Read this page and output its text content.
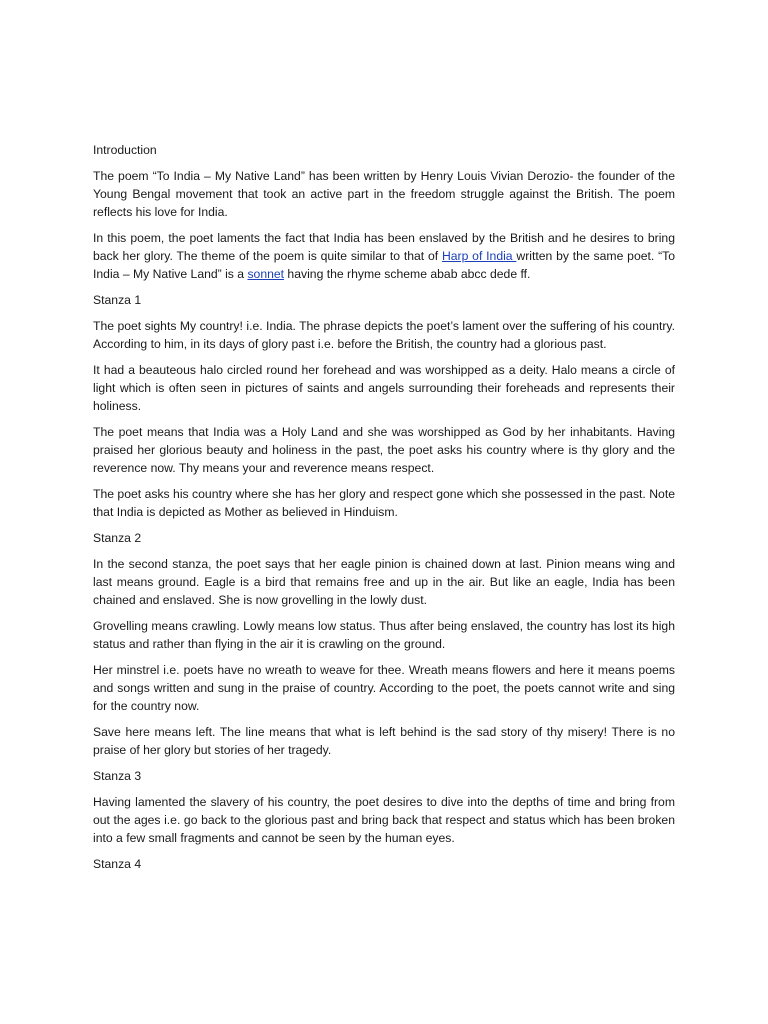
Introduction

The poem “To India – My Native Land” has been written by Henry Louis Vivian Derozio- the founder of the Young Bengal movement that took an active part in the freedom struggle against the British. The poem reflects his love for India.

In this poem, the poet laments the fact that India has been enslaved by the British and he desires to bring back her glory. The theme of the poem is quite similar to that of Harp of India written by the same poet. “To India – My Native Land” is a sonnet having the rhyme scheme abab abcc dede ff.

Stanza 1

The poet sights My country! i.e. India. The phrase depicts the poet’s lament over the suffering of his country. According to him, in its days of glory past i.e. before the British, the country had a glorious past.

It had a beauteous halo circled round her forehead and was worshipped as a deity. Halo means a circle of light which is often seen in pictures of saints and angels surrounding their foreheads and represents their holiness.

The poet means that India was a Holy Land and she was worshipped as God by her inhabitants. Having praised her glorious beauty and holiness in the past, the poet asks his country where is thy glory and the reverence now. Thy means your and reverence means respect.

The poet asks his country where she has her glory and respect gone which she possessed in the past. Note that India is depicted as Mother as believed in Hinduism.

Stanza 2

In the second stanza, the poet says that her eagle pinion is chained down at last. Pinion means wing and last means ground. Eagle is a bird that remains free and up in the air. But like an eagle, India has been chained and enslaved. She is now grovelling in the lowly dust.

Grovelling means crawling. Lowly means low status. Thus after being enslaved, the country has lost its high status and rather than flying in the air it is crawling on the ground.

Her minstrel i.e. poets have no wreath to weave for thee. Wreath means flowers and here it means poems and songs written and sung in the praise of country. According to the poet, the poets cannot write and sing for the country now.

Save here means left. The line means that what is left behind is the sad story of thy misery! There is no praise of her glory but stories of her tragedy.

Stanza 3

Having lamented the slavery of his country, the poet desires to dive into the depths of time and bring from out the ages i.e. go back to the glorious past and bring back that respect and status which has been broken into a few small fragments and cannot be seen by the human eyes.

Stanza 4
